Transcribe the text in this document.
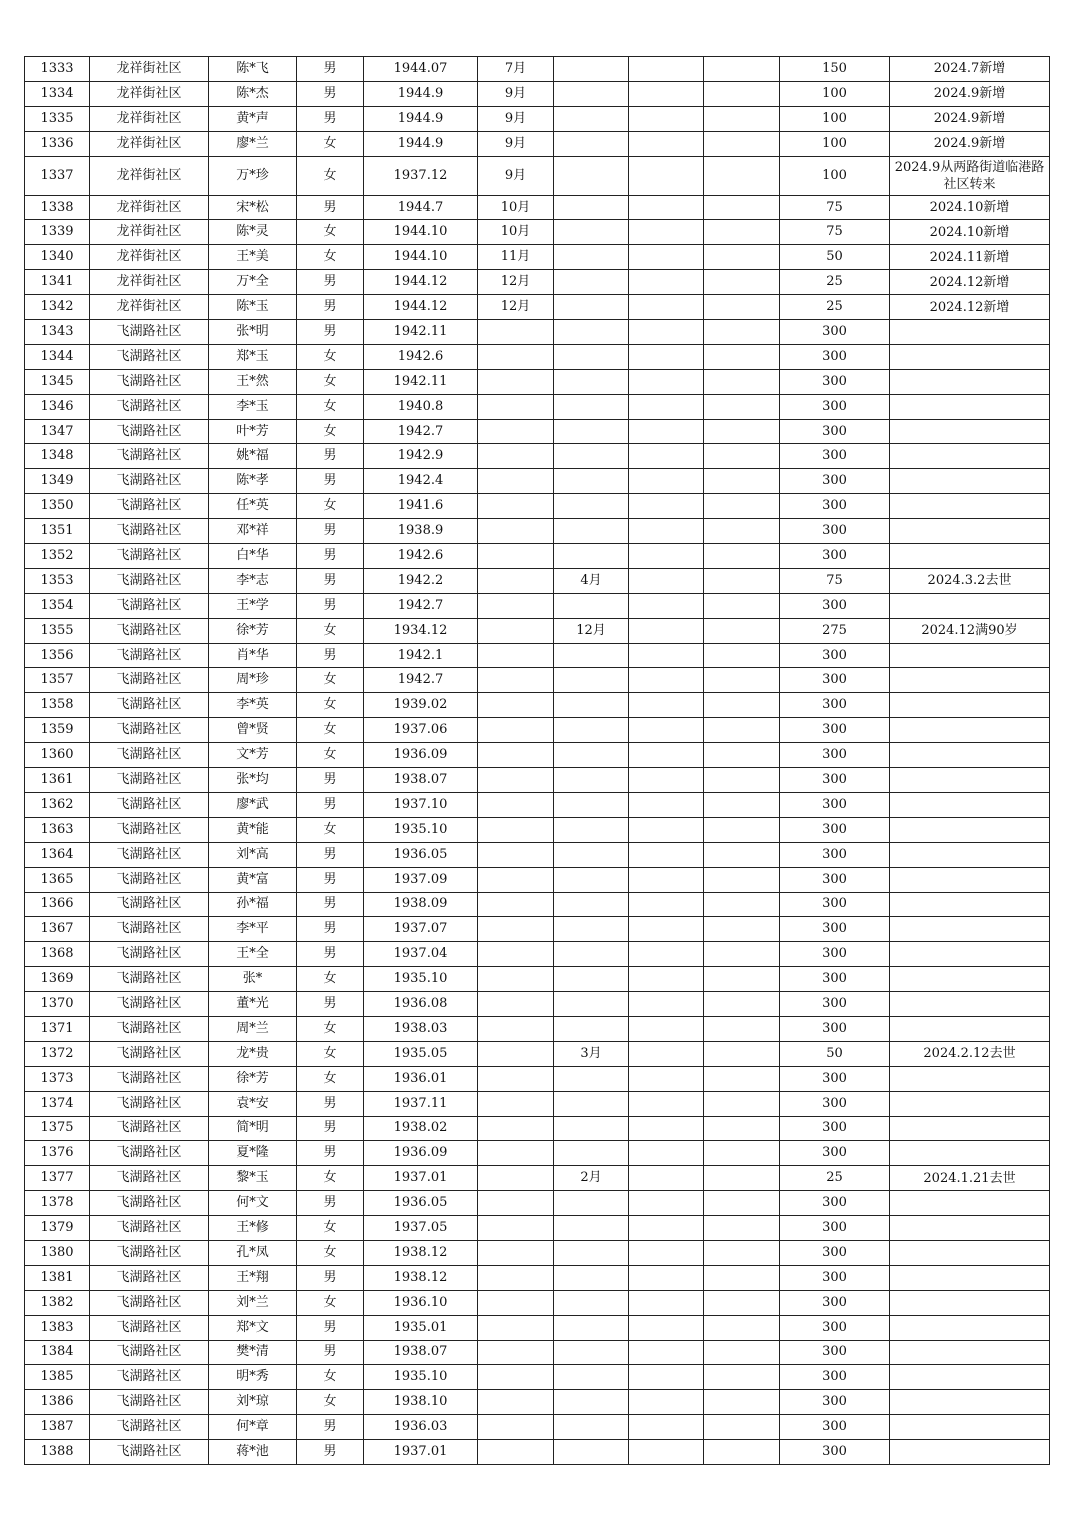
1333	龙祥街社区	陈*飞	男	1944.07	7月				150	2024.7新增
1334	龙祥街社区	陈*杰	男	1944.9	9月				100	2024.9新增
1335	龙祥街社区	黄*声	男	1944.9	9月				100	2024.9新增
1336	龙祥街社区	廖*兰	女	1944.9	9月				100	2024.9新增
1337	龙祥街社区	万*珍	女	1937.12	9月				100	2024.9从两路街道临港路社区转来
1338	龙祥街社区	宋*松	男	1944.7	10月				75	2024.10新增
1339	龙祥街社区	陈*灵	女	1944.10	10月				75	2024.10新增
1340	龙祥街社区	王*美	女	1944.10	11月				50	2024.11新增
1341	龙祥街社区	万*全	男	1944.12	12月				25	2024.12新增
1342	龙祥街社区	陈*玉	男	1944.12	12月				25	2024.12新增
1343	飞湖路社区	张*明	男	1942.11					300	
1344	飞湖路社区	郑*玉	女	1942.6					300	
1345	飞湖路社区	王*然	女	1942.11					300	
1346	飞湖路社区	李*玉	女	1940.8					300	
1347	飞湖路社区	叶*芳	女	1942.7					300	
1348	飞湖路社区	姚*福	男	1942.9					300	
1349	飞湖路社区	陈*孝	男	1942.4					300	
1350	飞湖路社区	任*英	女	1941.6					300	
1351	飞湖路社区	邓*祥	男	1938.9					300	
1352	飞湖路社区	白*华	男	1942.6					300	
1353	飞湖路社区	李*志	男	1942.2		4月			75	2024.3.2去世
1354	飞湖路社区	王*学	男	1942.7					300	
1355	飞湖路社区	徐*芳	女	1934.12		12月			275	2024.12满90岁
1356	飞湖路社区	肖*华	男	1942.1					300	
1357	飞湖路社区	周*珍	女	1942.7					300	
1358	飞湖路社区	李*英	女	1939.02					300	
1359	飞湖路社区	曾*贤	女	1937.06					300	
1360	飞湖路社区	文*芳	女	1936.09					300	
1361	飞湖路社区	张*均	男	1938.07					300	
1362	飞湖路社区	廖*武	男	1937.10					300	
1363	飞湖路社区	黄*能	女	1935.10					300	
1364	飞湖路社区	刘*高	男	1936.05					300	
1365	飞湖路社区	黄*富	男	1937.09					300	
1366	飞湖路社区	孙*福	男	1938.09					300	
1367	飞湖路社区	李*平	男	1937.07					300	
1368	飞湖路社区	王*全	男	1937.04					300	
1369	飞湖路社区	张*	女	1935.10					300	
1370	飞湖路社区	董*光	男	1936.08					300	
1371	飞湖路社区	周*兰	女	1938.03					300	
1372	飞湖路社区	龙*贵	女	1935.05		3月			50	2024.2.12去世
1373	飞湖路社区	徐*芳	女	1936.01					300	
1374	飞湖路社区	袁*安	男	1937.11					300	
1375	飞湖路社区	简*明	男	1938.02					300	
1376	飞湖路社区	夏*隆	男	1936.09					300	
1377	飞湖路社区	黎*玉	女	1937.01		2月			25	2024.1.21去世
1378	飞湖路社区	何*文	男	1936.05					300	
1379	飞湖路社区	王*修	女	1937.05					300	
1380	飞湖路社区	孔*凤	女	1938.12					300	
1381	飞湖路社区	王*翔	男	1938.12					300	
1382	飞湖路社区	刘*兰	女	1936.10					300	
1383	飞湖路社区	郑*文	男	1935.01					300	
1384	飞湖路社区	樊*清	男	1938.07					300	
1385	飞湖路社区	明*秀	女	1935.10					300	
1386	飞湖路社区	刘*琼	女	1938.10					300	
1387	飞湖路社区	何*章	男	1936.03					300	
1388	飞湖路社区	蒋*池	男	1937.01					300	
